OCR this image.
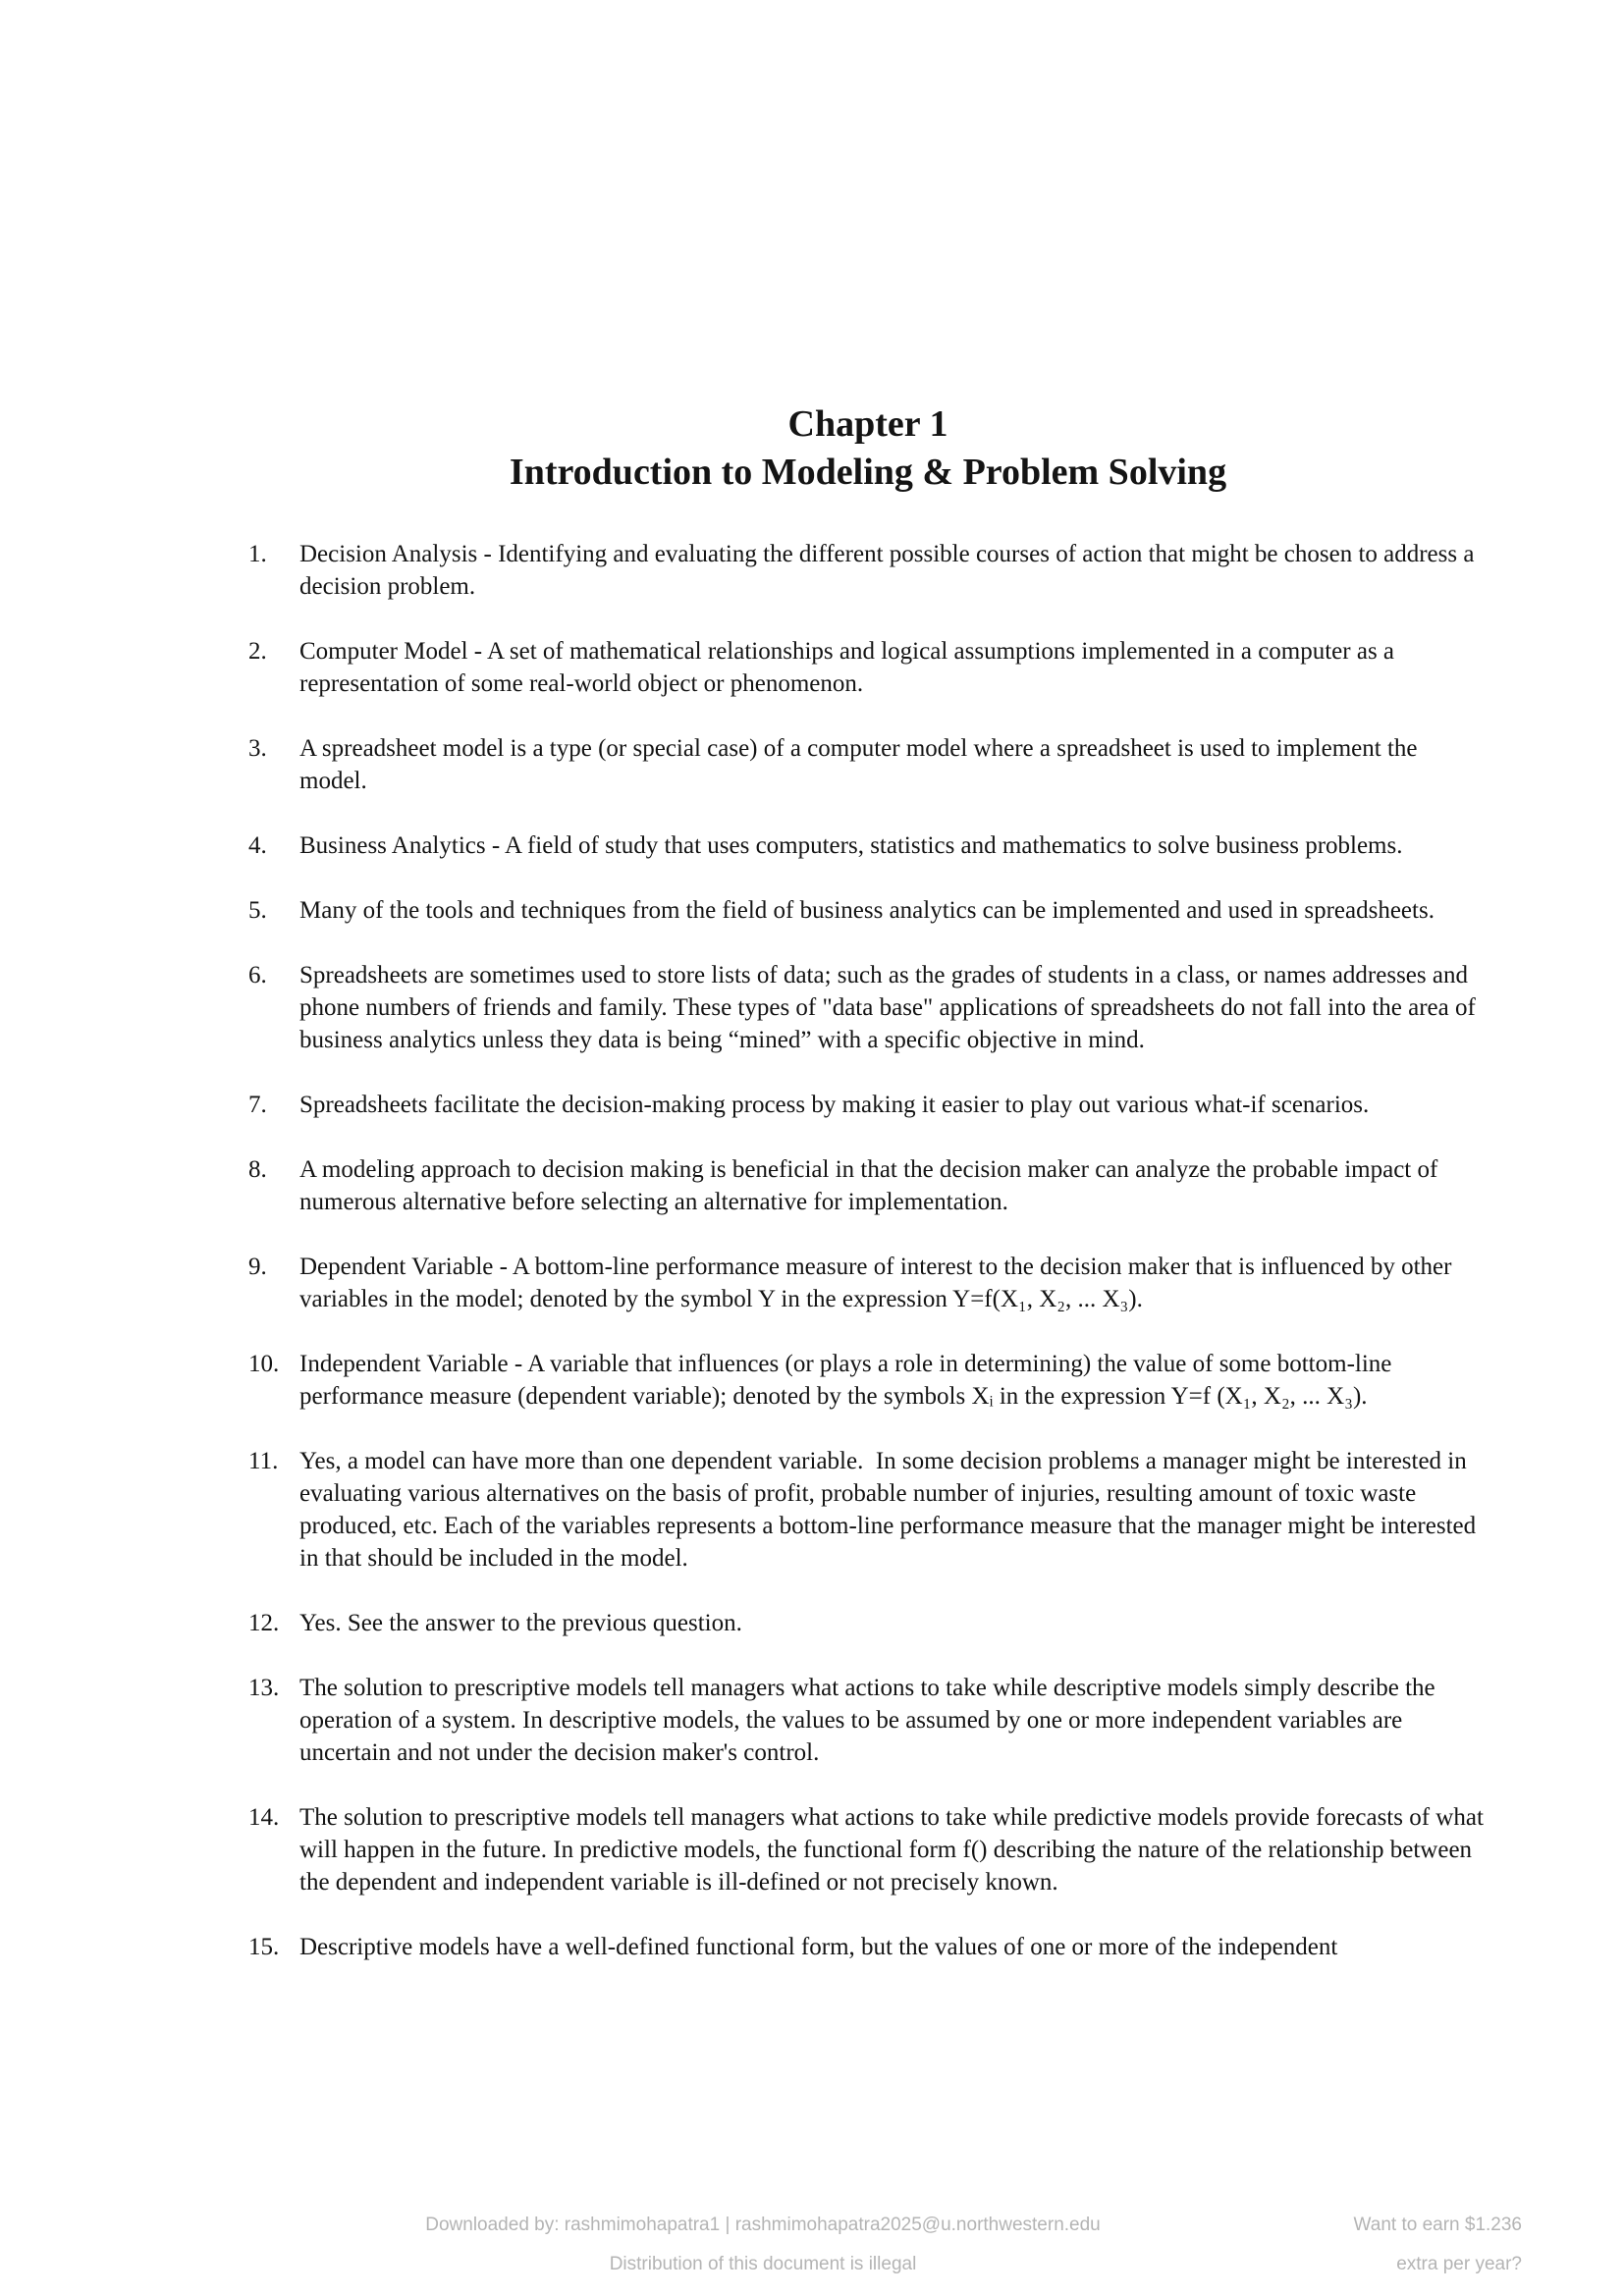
Chapter 1
Introduction to Modeling & Problem Solving
1.	Decision Analysis - Identifying and evaluating the different possible courses of action that might be chosen to address a decision problem.
2.	Computer Model - A set of mathematical relationships and logical assumptions implemented in a computer as a representation of some real-world object or phenomenon.
3.	A spreadsheet model is a type (or special case) of a computer model where a spreadsheet is used to implement the model.
4.	Business Analytics - A field of study that uses computers, statistics and mathematics to solve business problems.
5.	Many of the tools and techniques from the field of business analytics can be implemented and used in spreadsheets.
6.	Spreadsheets are sometimes used to store lists of data; such as the grades of students in a class, or names addresses and phone numbers of friends and family. These types of "data base" applications of spreadsheets do not fall into the area of business analytics unless they data is being “mined” with a specific objective in mind.
7.	Spreadsheets facilitate the decision-making process by making it easier to play out various what-if scenarios.
8.	A modeling approach to decision making is beneficial in that the decision maker can analyze the probable impact of numerous alternative before selecting an alternative for implementation.
9.	Dependent Variable - A bottom-line performance measure of interest to the decision maker that is influenced by other variables in the model; denoted by the symbol Y in the expression Y=f(X₁, X₂, ... X₃).
10. Independent Variable - A variable that influences (or plays a role in determining) the value of some bottom-line performance measure (dependent variable); denoted by the symbols Xᵢ in the expression Y=f (X₁, X₂, ... X₃).
11. Yes, a model can have more than one dependent variable.  In some decision problems a manager might be interested in evaluating various alternatives on the basis of profit, probable number of injuries, resulting amount of toxic waste produced, etc. Each of the variables represents a bottom-line performance measure that the manager might be interested in that should be included in the model.
12. Yes. See the answer to the previous question.
13. The solution to prescriptive models tell managers what actions to take while descriptive models simply describe the operation of a system. In descriptive models, the values to be assumed by one or more independent variables are uncertain and not under the decision maker's control.
14. The solution to prescriptive models tell managers what actions to take while predictive models provide forecasts of what will happen in the future. In predictive models, the functional form f() describing the nature of the relationship between the dependent and independent variable is ill-defined or not precisely known.
15. Descriptive models have a well-defined functional form, but the values of one or more of the independent
Downloaded by: rashmimohapatra1 | rashmimohapatra2025@u.northwestern.edu
Distribution of this document is illegal
Want to earn $1.236
extra per year?
